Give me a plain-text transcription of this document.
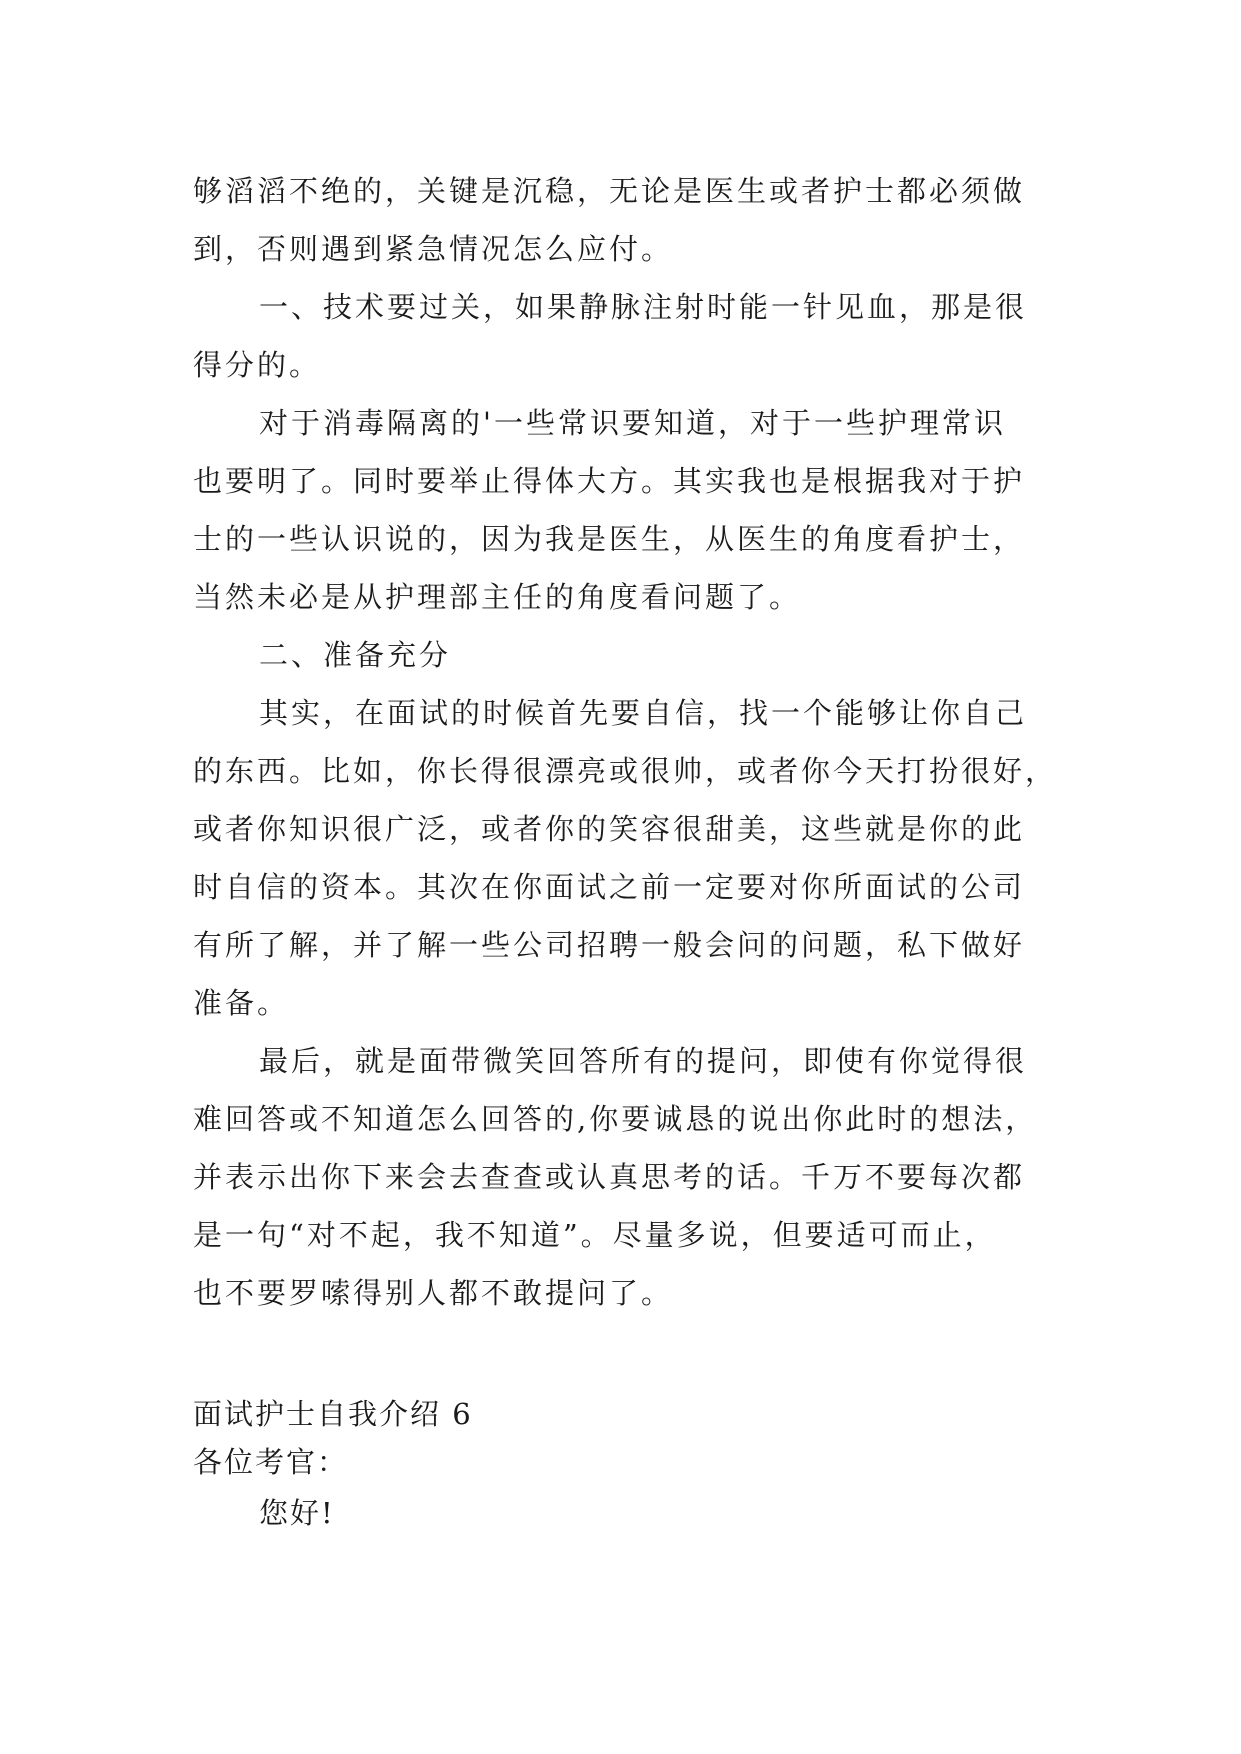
够滔滔不绝的，关键是沉稳，无论是医生或者护士都必须做
到，否则遇到紧急情况怎么应付。
一、技术要过关，如果静脉注射时能一针见血，那是很
得分的。
对于消毒隔离的'一些常识要知道，对于一些护理常识
也要明了。同时要举止得体大方。其实我也是根据我对于护
士的一些认识说的，因为我是医生，从医生的角度看护士，
当然未必是从护理部主任的角度看问题了。
二、准备充分
其实，在面试的时候首先要自信，找一个能够让你自己
的东西。比如，你长得很漂亮或很帅，或者你今天打扮很好，
或者你知识很广泛，或者你的笑容很甜美，这些就是你的此
时自信的资本。其次在你面试之前一定要对你所面试的公司
有所了解，并了解一些公司招聘一般会问的问题，私下做好
准备。
最后，就是面带微笑回答所有的提问，即使有你觉得很
难回答或不知道怎么回答的,你要诚恳的说出你此时的想法，
并表示出你下来会去查查或认真思考的话。千万不要每次都
是一句“对不起，我不知道”。尽量多说，但要适可而止，
也不要罗嗦得别人都不敢提问了。
面试护士自我介绍 6
各位考官：
您好!
